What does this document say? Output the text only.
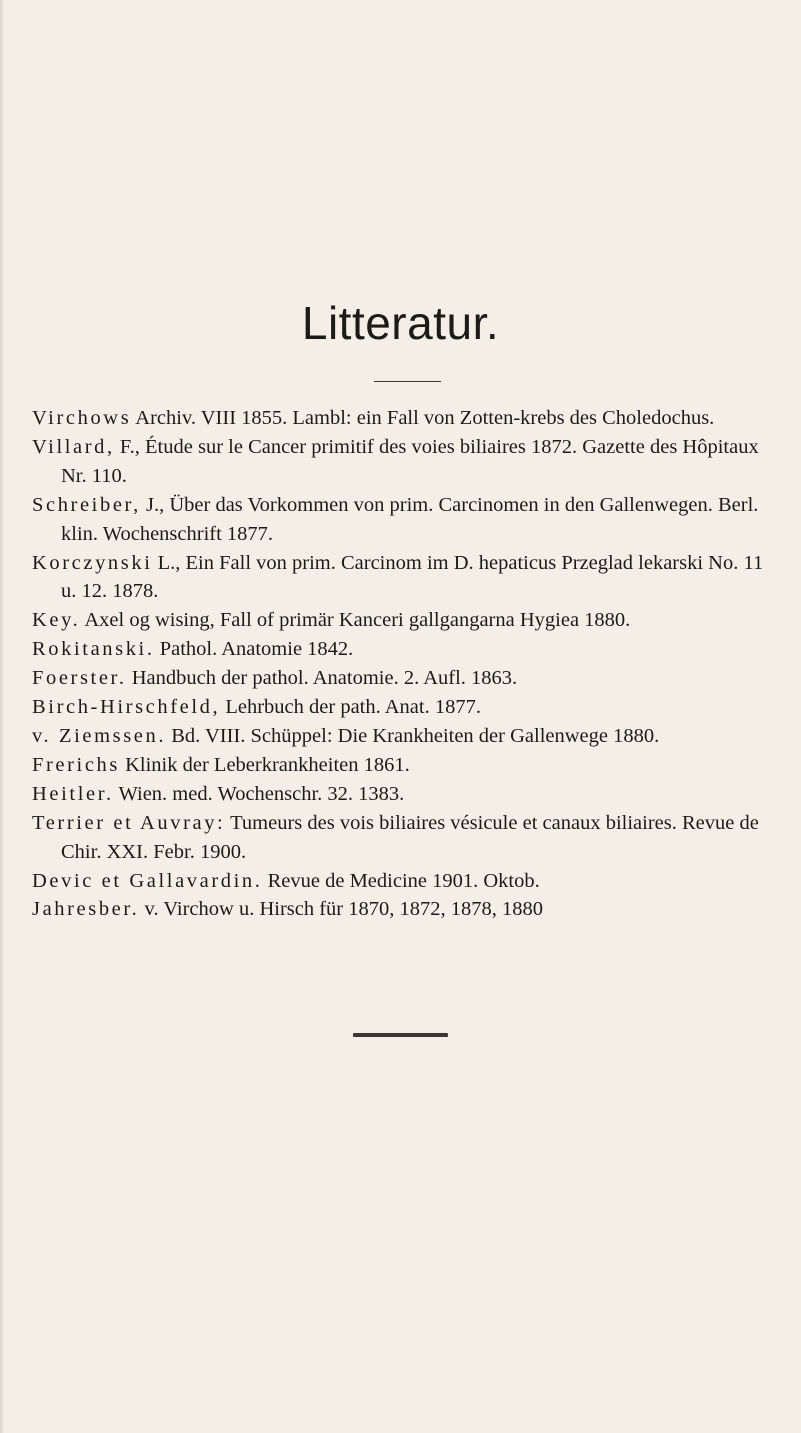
Litteratur.
Virchows Archiv. VIII 1855. Lambl: ein Fall von Zotten-krebs des Choledochus.
Villard, F., Étude sur le Cancer primitif des voies biliaires 1872. Gazette des Hôpitaux Nr. 110.
Schreiber, J., Über das Vorkommen von prim. Carcinomen in den Gallenwegen. Berl. klin. Wochenschrift 1877.
Korczynski L., Ein Fall von prim. Carcinom im D. hepaticus Przeglad lekarski No. 11 u. 12. 1878.
Key. Axel og wising, Fall of primär Kanceri gallgangarna Hygiea 1880.
Rokitanski. Pathol. Anatomie 1842.
Foerster. Handbuch der pathol. Anatomie. 2. Aufl. 1863.
Birch-Hirschfeld, Lehrbuch der path. Anat. 1877.
v. Ziemssen. Bd. VIII. Schüppel: Die Krankheiten der Gallenwege 1880.
Frerichs Klinik der Leberkrankheiten 1861.
Heitler. Wien. med. Wochenschr. 32. 1383.
Terrier et Auvray: Tumeurs des vois biliaires vésicule et canaux biliaires. Revue de Chir. XXI. Febr. 1900.
Devic et Gallavardin. Revue de Medicine 1901. Oktob.
Jahresber. v. Virchow u. Hirsch für 1870, 1872, 1878, 1880
